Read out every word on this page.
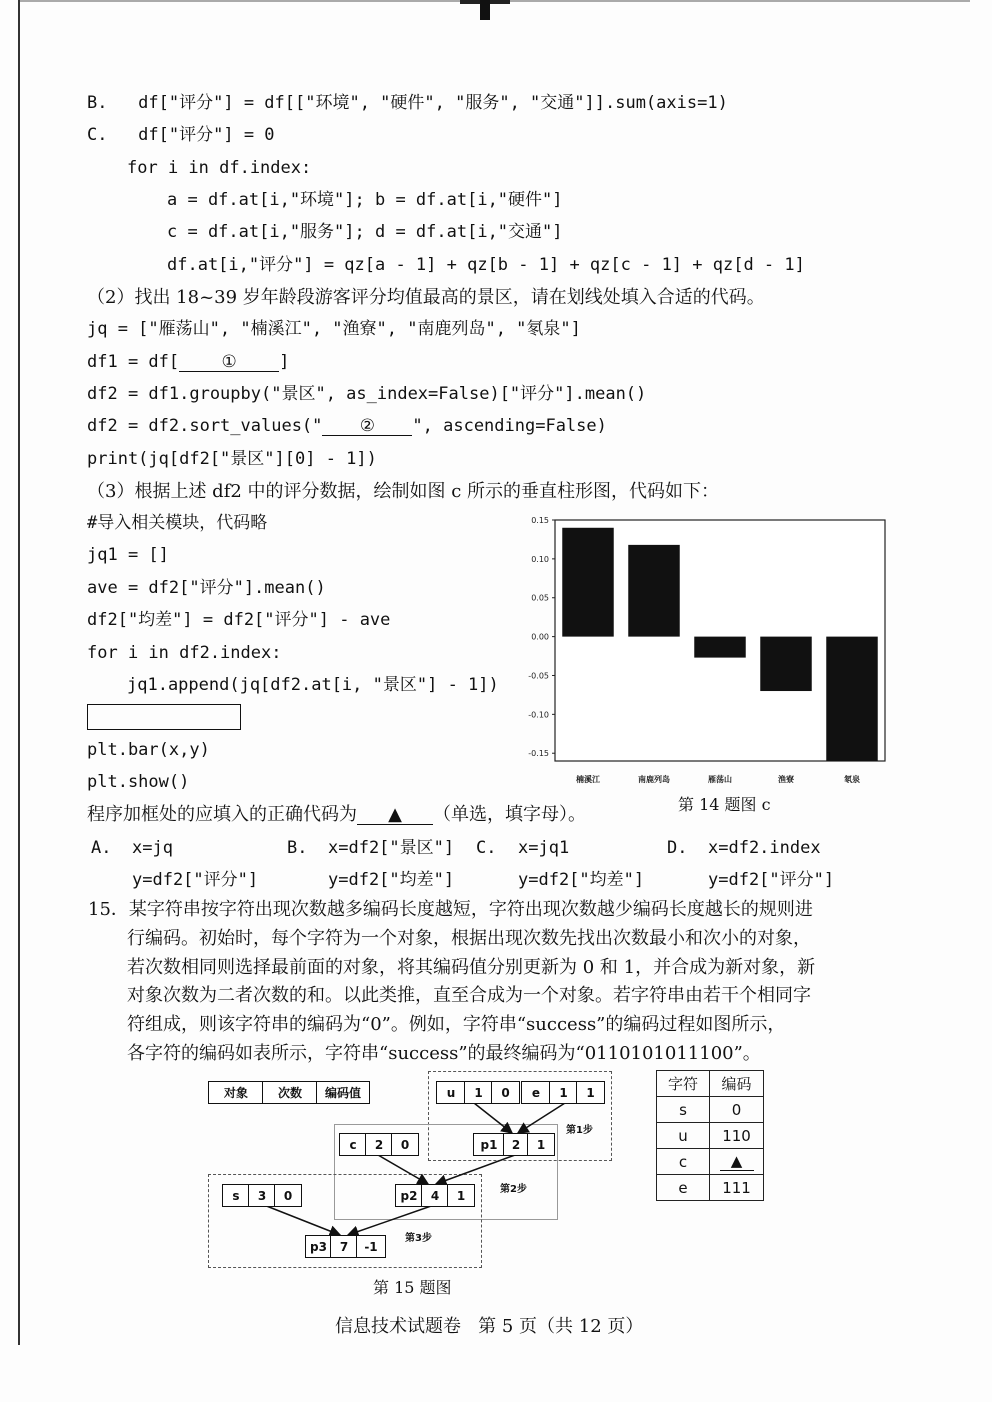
B.   df["评分"] = df[["环境", "硬件", "服务", "交通"]].sum(axis=1)
C.   df["评分"] = 0
for i in df.index:
a = df.at[i,"环境"]; b = df.at[i,"硬件"]
c = df.at[i,"服务"]; d = df.at[i,"交通"]
df.at[i,"评分"] = qz[a - 1] + qz[b - 1] + qz[c - 1] + qz[d - 1]
（2）找出 18~39 岁年龄段游客评分均值最高的景区，请在划线处填入合适的代码。
jq = ["雁荡山", "楠溪江", "渔寮", "南鹿列岛", "氡泉"]
df1 = df[ ① ]
df2 = df1.groupby("景区", as_index=False)["评分"].mean()
df2 = df2.sort_values(" ② ", ascending=False)
print(jq[df2["景区"][0] - 1])
（3）根据上述 df2 中的评分数据，绘制如图 c 所示的垂直柱形图，代码如下：
#导入相关模块，代码略
jq1 = []
ave = df2["评分"].mean()
df2["均差"] = df2["评分"] - ave
for i in df2.index:
jq1.append(jq[df2.at[i, "景区"] - 1])
plt.bar(x,y)
plt.show()
程序加框处的应填入的正确代码为 ▲ （单选，填字母）。
0.15
0.10
0.05
0.00
-0.05
-0.10
-0.15
楠溪江	南鹿列岛	雁荡山	渔寮	氡泉
第 14 题图 c
A. x=jq
y=df2["评分"]
B. x=df2["景区"]
y=df2["均差"]
C. x=jq1
y=df2["均差"]
D. x=df2.index
y=df2["评分"]
15．某字符串按字符出现次数越多编码长度越短，字符出现次数越少编码长度越长的规则进
行编码。初始时，每个字符为一个对象，根据出现次数先找出次数最小和次小的对象，
若次数相同则选择最前面的对象，将其编码值分别更新为 0 和 1，并合成为新对象，新
对象次数为二者次数的和。以此类推，直至合成为一个对象。若字符串由若干个相同字
符组成，则该字符串的编码为“0”。例如，字符串“success”的编码过程如图所示，
各字符的编码如表所示，字符串“success”的最终编码为“0110101011100”。
对象	次数	编码值	u	1	0	e	1	1
p1	2	1
c	2	0
p2	4	1
s	3	0
p3	7	-1
第1步
第2步
第3步
第 15 题图
字符	编码
s	0
u	110
c	▲
e	111
信息技术试题卷   第 5 页（共 12 页）
